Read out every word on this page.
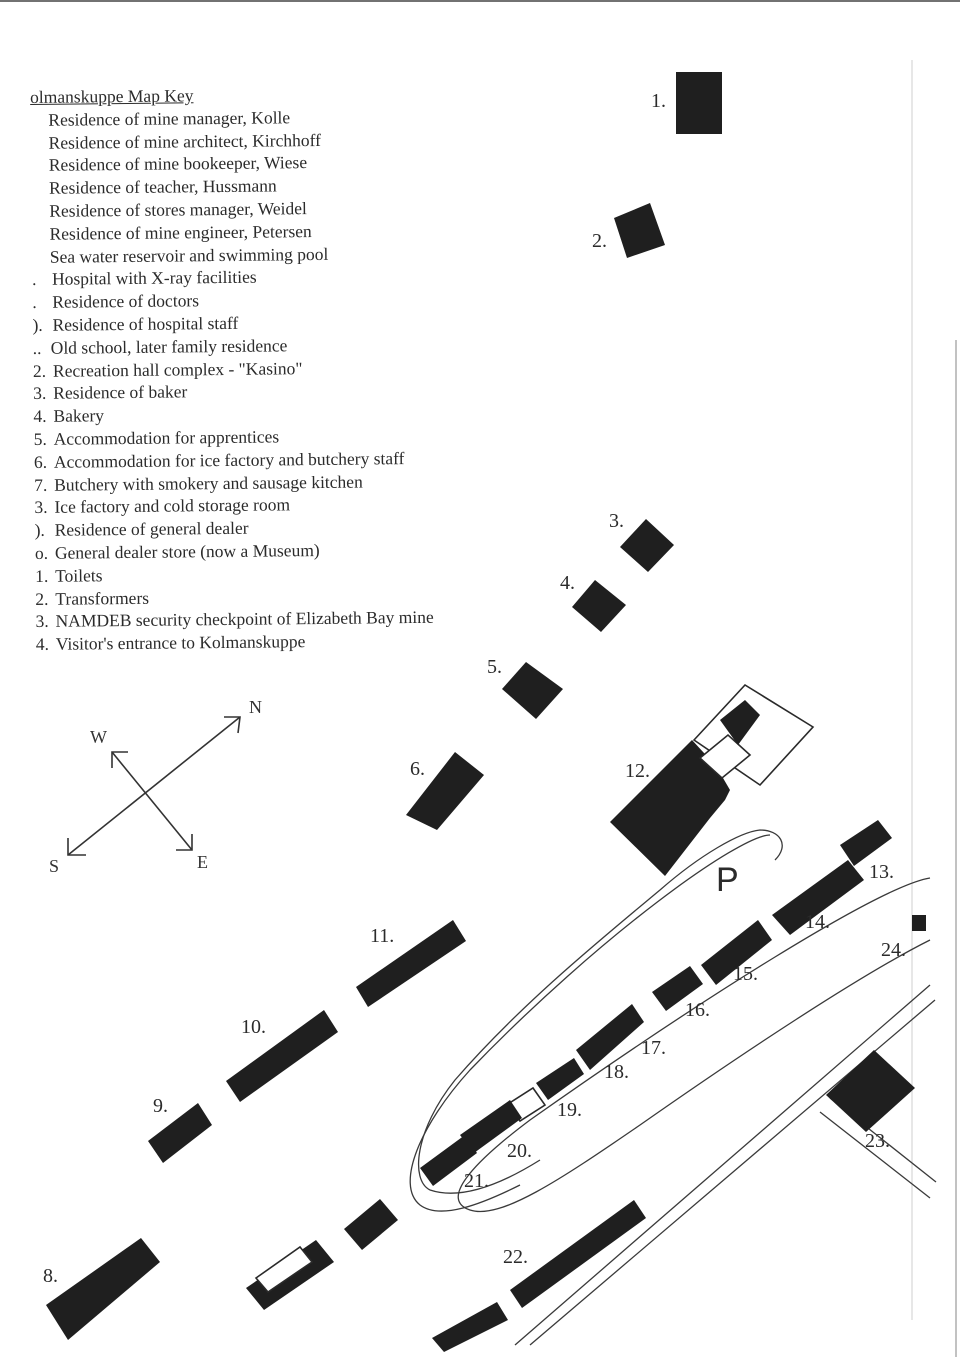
olmanskuppe Map Key
Residence of mine manager, Kolle
Residence of mine architect, Kirchhoff
Residence of mine bookeeper, Wiese
Residence of teacher, Hussmann
Residence of stores manager, Weidel
Residence of mine engineer, Petersen
Sea water reservoir and swimming pool
. Hospital with X-ray facilities
. Residence of doctors
). Residence of hospital staff
.. Old school, later family residence
2. Recreation hall complex - "Kasino"
3. Residence of baker
4. Bakery
5. Accommodation for apprentices
6. Accommodation for ice factory and butchery staff
7. Butchery with smokery and sausage kitchen
3. Ice factory and cold storage room
). Residence of general dealer
o. General dealer store (now a Museum)
1. Toilets
2. Transformers
3. NAMDEB security checkpoint of Elizabeth Bay mine
4. Visitor's entrance to Kolmanskuppe
N
W
S	E
1.
2.
3.
4.
5.
6.
8.
9.
10.
11.
12.
13.
14.
15.
16.
17.
18.
19.
20.
21.
22.
23.
24.
P
